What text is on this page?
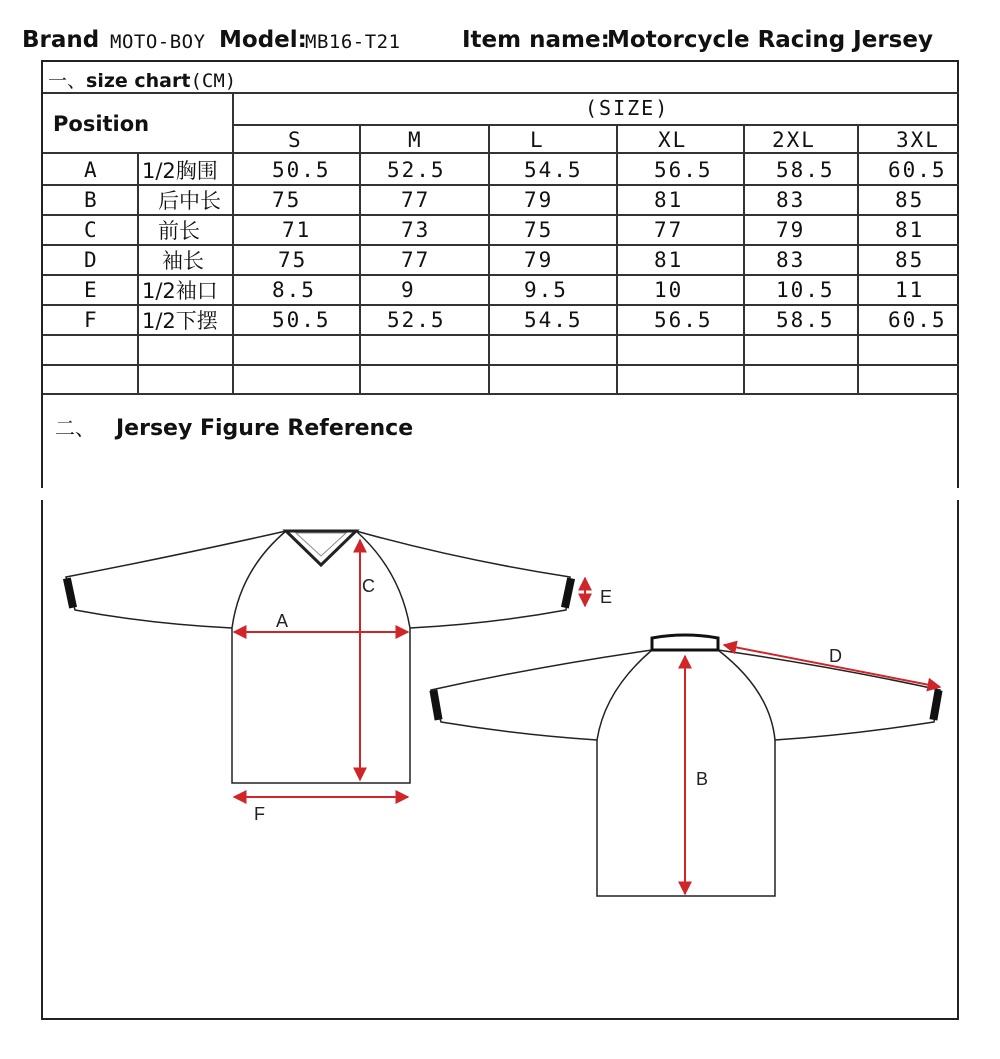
Brand MOTO-BOY Model:
MB16-T21	Item name:
Motorcycle Racing Jersey
一、size chart(CM)
Position
(SIZE)
S	M	L	XL	2XL	3XL
A 1/2胸围	50.5	52.5	54.5	56.5	58.5	60.5
B	后中长 75	77	79	81	83	85
C	前长	71	73	75	77	79	81
D	袖长	75	77	79	81	83	85
E 1/2袖口	8.5	9	9.5	10	10.5	11
F 1/2下摆	50.5	52.5	54.5	56.5	58.5	60.5
二、 Jersey Figure Reference
A
C
F
E
B
D
